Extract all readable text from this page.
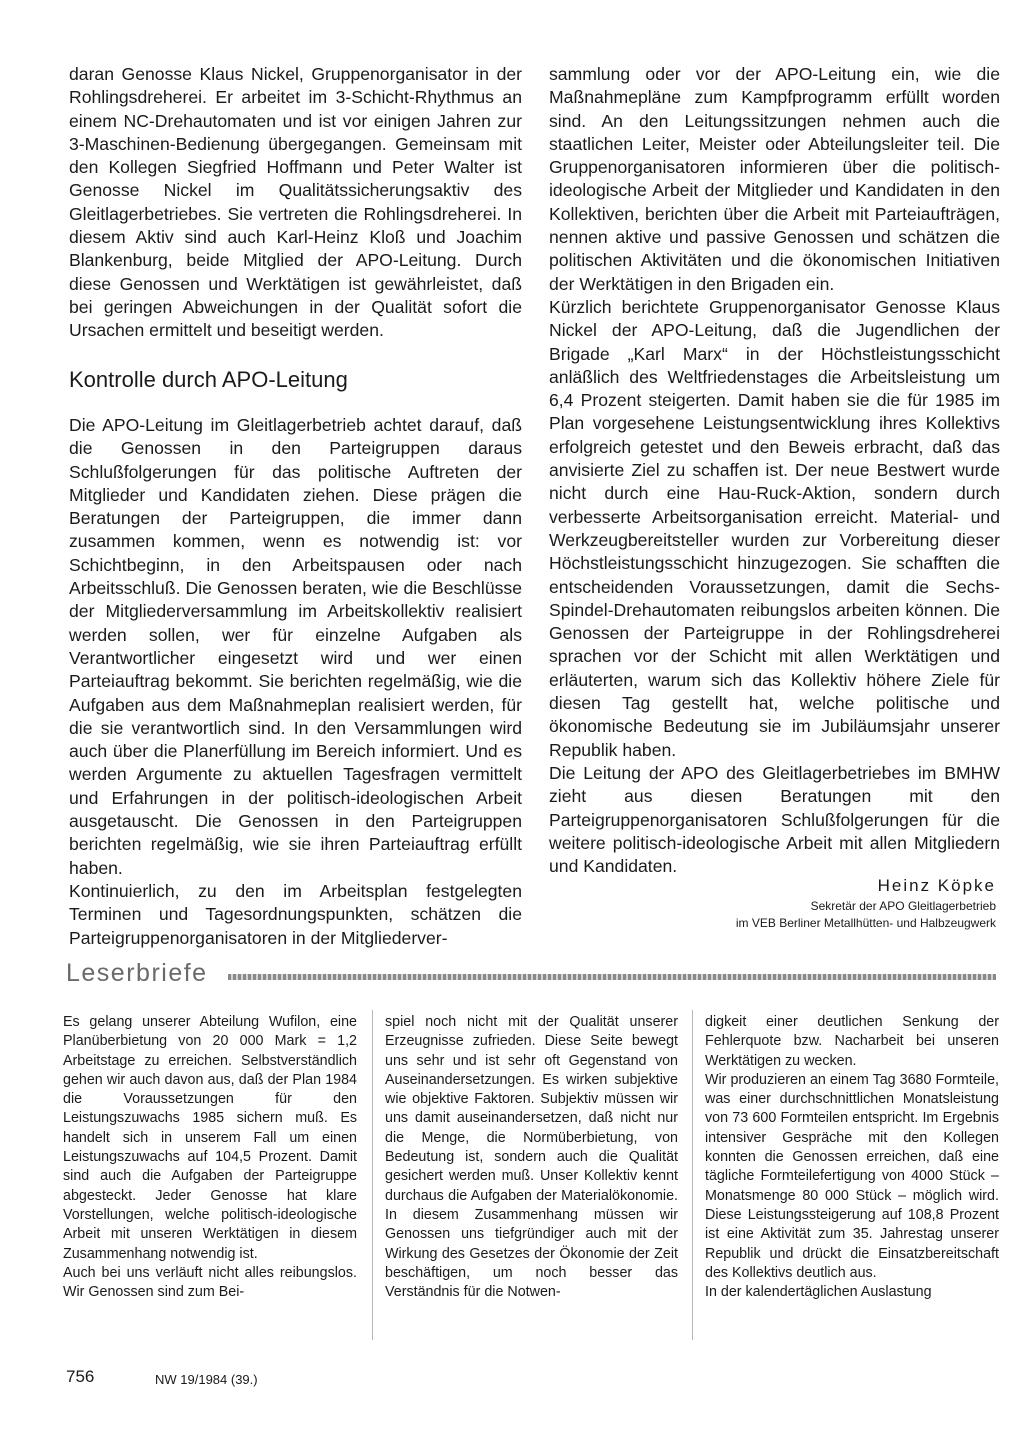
daran Genosse Klaus Nickel, Gruppenorganisator in der Rohlingsdreherei. Er arbeitet im 3-Schicht-Rhythmus an einem NC-Drehautomaten und ist vor einigen Jahren zur 3-Maschinen-Bedienung übergegangen. Gemeinsam mit den Kollegen Siegfried Hoffmann und Peter Walter ist Genosse Nickel im Qualitätssicherungsaktiv des Gleitlagerbetriebes. Sie vertreten die Rohlingsdreherei. In diesem Aktiv sind auch Karl-Heinz Kloß und Joachim Blankenburg, beide Mitglied der APO-Leitung. Durch diese Genossen und Werktätigen ist gewährleistet, daß bei geringen Abweichungen in der Qualität sofort die Ursachen ermittelt und beseitigt werden.

Kontrolle durch APO-Leitung

Die APO-Leitung im Gleitlagerbetrieb achtet darauf, daß die Genossen in den Parteigruppen daraus Schlußfolgerungen für das politische Auftreten der Mitglieder und Kandidaten ziehen. Diese prägen die Beratungen der Parteigruppen, die immer dann zusammen kommen, wenn es notwendig ist: vor Schichtbeginn, in den Arbeitspausen oder nach Arbeitsschluß. Die Genossen beraten, wie die Beschlüsse der Mitgliederversammlung im Arbeitskollektiv realisiert werden sollen, wer für einzelne Aufgaben als Verantwortlicher eingesetzt wird und wer einen Parteiauftrag bekommt. Sie berichten regelmäßig, wie die Aufgaben aus dem Maßnahmeplan realisiert werden, für die sie verantwortlich sind. In den Versammlungen wird auch über die Planerfüllung im Bereich informiert. Und es werden Argumente zu aktuellen Tagesfragen vermittelt und Erfahrungen in der politisch-ideologischen Arbeit ausgetauscht. Die Genossen in den Parteigruppen berichten regelmäßig, wie sie ihren Parteiauftrag erfüllt haben.

Kontinuierlich, zu den im Arbeitsplan festgelegten Terminen und Tagesordnungspunkten, schätzen die Parteigruppenorganisatoren in der Mitgliederver-

sammlung oder vor der APO-Leitung ein, wie die Maßnahmepläne zum Kampfprogramm erfüllt worden sind. An den Leitungssitzungen nehmen auch die staatlichen Leiter, Meister oder Abteilungsleiter teil. Die Gruppenorganisatoren informieren über die politisch-ideologische Arbeit der Mitglieder und Kandidaten in den Kollektiven, berichten über die Arbeit mit Parteiaufträgen, nennen aktive und passive Genossen und schätzen die politischen Aktivitäten und die ökonomischen Initiativen der Werktätigen in den Brigaden ein.

Kürzlich berichtete Gruppenorganisator Genosse Klaus Nickel der APO-Leitung, daß die Jugendlichen der Brigade „Karl Marx“ in der Höchstleistungsschicht anläßlich des Weltfriedenstages die Arbeitsleistung um 6,4 Prozent steigerten. Damit haben sie die für 1985 im Plan vorgesehene Leistungsentwicklung ihres Kollektivs erfolgreich getestet und den Beweis erbracht, daß das anvisierte Ziel zu schaffen ist. Der neue Bestwert wurde nicht durch eine Hau-Ruck-Aktion, sondern durch verbesserte Arbeitsorganisation erreicht. Material- und Werkzeugbereitsteller wurden zur Vorbereitung dieser Höchstleistungsschicht hinzugezogen. Sie schafften die entscheidenden Voraussetzungen, damit die Sechs-Spindel-Drehautomaten reibungslos arbeiten können. Die Genossen der Parteigruppe in der Rohlingsdreherei sprachen vor der Schicht mit allen Werktätigen und erläuterten, warum sich das Kollektiv höhere Ziele für diesen Tag gestellt hat, welche politische und ökonomische Bedeutung sie im Jubiläumsjahr unserer Republik haben.

Die Leitung der APO des Gleitlagerbetriebes im BMHW zieht aus diesen Beratungen mit den Parteigruppenorganisatoren Schlußfolgerungen für die weitere politisch-ideologische Arbeit mit allen Mitgliedern und Kandidaten.

Heinz Köpke
Sekretär der APO Gleitlagerbetrieb
im VEB Berliner Metallhütten- und Halbzeugwerk
Leserbriefe

Es gelang unserer Abteilung Wufilon, eine Planüberbietung von 20 000 Mark = 1,2 Arbeitstage zu erreichen. Selbstverständlich gehen wir auch davon aus, daß der Plan 1984 die Voraussetzungen für den Leistungszuwachs 1985 sichern muß. Es handelt sich in unserem Fall um einen Leistungszuwachs auf 104,5 Prozent. Damit sind auch die Aufgaben der Parteigruppe abgesteckt. Jeder Genosse hat klare Vorstellungen, welche politisch-ideologische Arbeit mit unseren Werktätigen in diesem Zusammenhang notwendig ist.

Auch bei uns verläuft nicht alles reibungslos. Wir Genossen sind zum Bei-

spiel noch nicht mit der Qualität unserer Erzeugnisse zufrieden. Diese Seite bewegt uns sehr und ist sehr oft Gegenstand von Auseinandersetzungen. Es wirken subjektive wie objektive Faktoren. Subjektiv müssen wir uns damit auseinandersetzen, daß nicht nur die Menge, die Normüberbietung, von Bedeutung ist, sondern auch die Qualität gesichert werden muß. Unser Kollektiv kennt durchaus die Aufgaben der Materialökonomie. In diesem Zusammenhang müssen wir Genossen uns tiefgründiger auch mit der Wirkung des Gesetzes der Ökonomie der Zeit beschäftigen, um noch besser das Verständnis für die Notwen-

digkeit einer deutlichen Senkung der Fehlerquote bzw. Nacharbeit bei unseren Werktätigen zu wecken.

Wir produzieren an einem Tag 3680 Formteile, was einer durchschnittlichen Monatsleistung von 73 600 Formteilen entspricht. Im Ergebnis intensiver Gespräche mit den Kollegen konnten die Genossen erreichen, daß eine tägliche Formteilefertigung von 4000 Stück – Monatsmenge 80 000 Stück – möglich wird. Diese Leistungssteigerung auf 108,8 Prozent ist eine Aktivität zum 35. Jahrestag unserer Republik und drückt die Einsatzbereitschaft des Kollektivs deutlich aus.

In der kalendertäglichen Auslastung

756	NW 19/1984 (39.)
